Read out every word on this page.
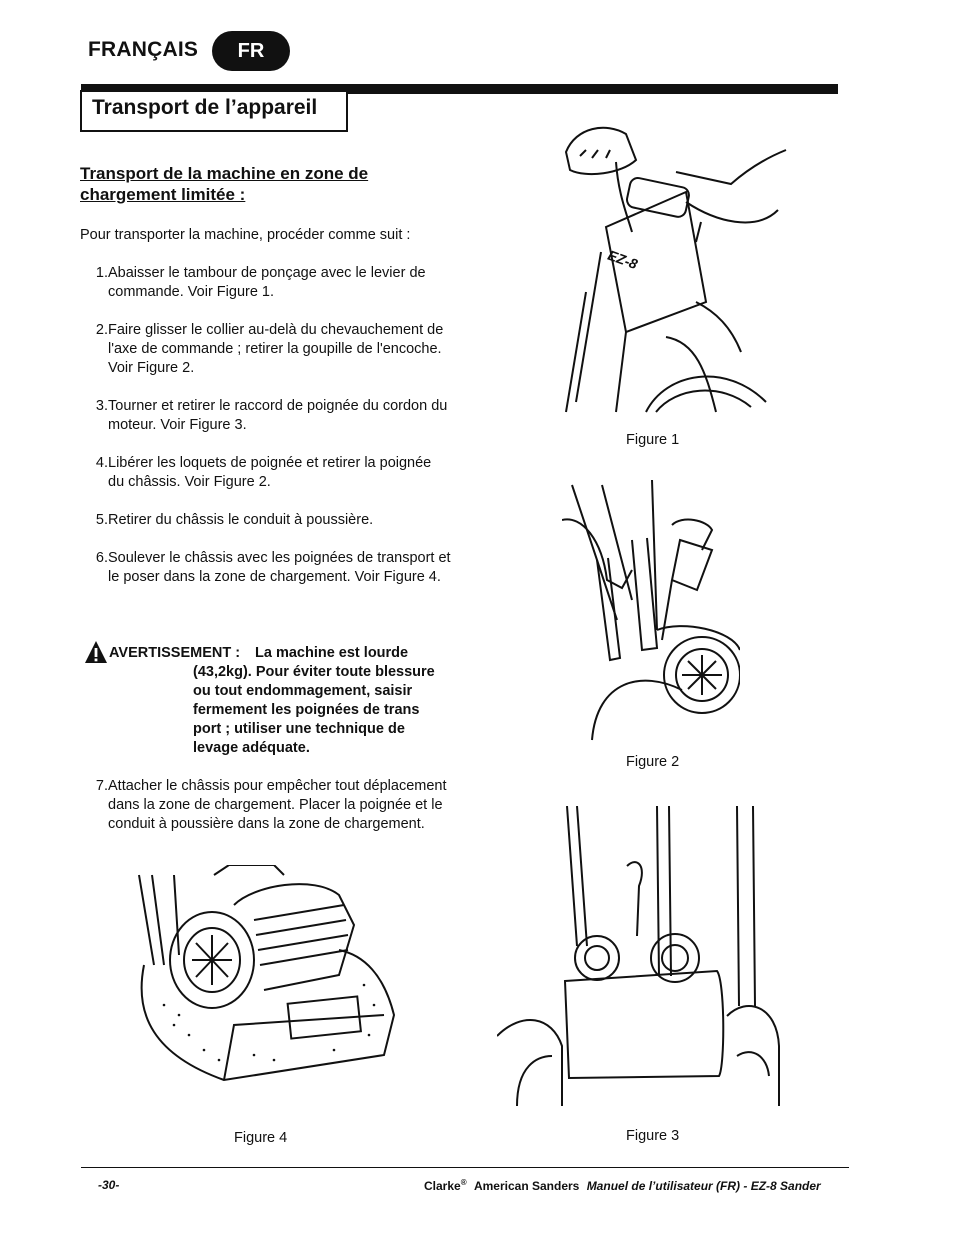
FRANÇAIS	FR
Transport de l’appareil
Transport de la machine en zone de chargement limitée :
Pour transporter la machine, procéder comme suit :
1. Abaisser le tambour de ponçage avec le levier de commande. Voir Figure 1.
2. Faire glisser le collier au-delà du chevauchement de l'axe de commande ; retirer la goupille de l'encoche. Voir Figure 2.
3. Tourner et retirer le raccord de poignée du cordon du moteur. Voir Figure 3.
4. Libérer les loquets de poignée et retirer la poignée du châssis. Voir Figure 2.
5. Retirer du châssis le conduit à poussière.
6. Soulever le châssis avec les poignées de transport et le poser dans la zone de chargement. Voir Figure 4.
AVERTISSEMENT : La machine est lourde
(43,2kg). Pour éviter toute blessure
ou tout endommagement, saisir
fermement les poignées de trans
port ; utiliser une technique de
levage adéquate.
7. Attacher le châssis pour empêcher tout déplacement dans la zone de chargement. Placer la poignée et le conduit à poussière dans la zone de chargement.
EZ-8
Figure 1
Figure 2
Figure 3
Figure 4
-30-	Clarke® American Sanders Manuel de l’utilisateur (FR) - EZ-8 Sander
